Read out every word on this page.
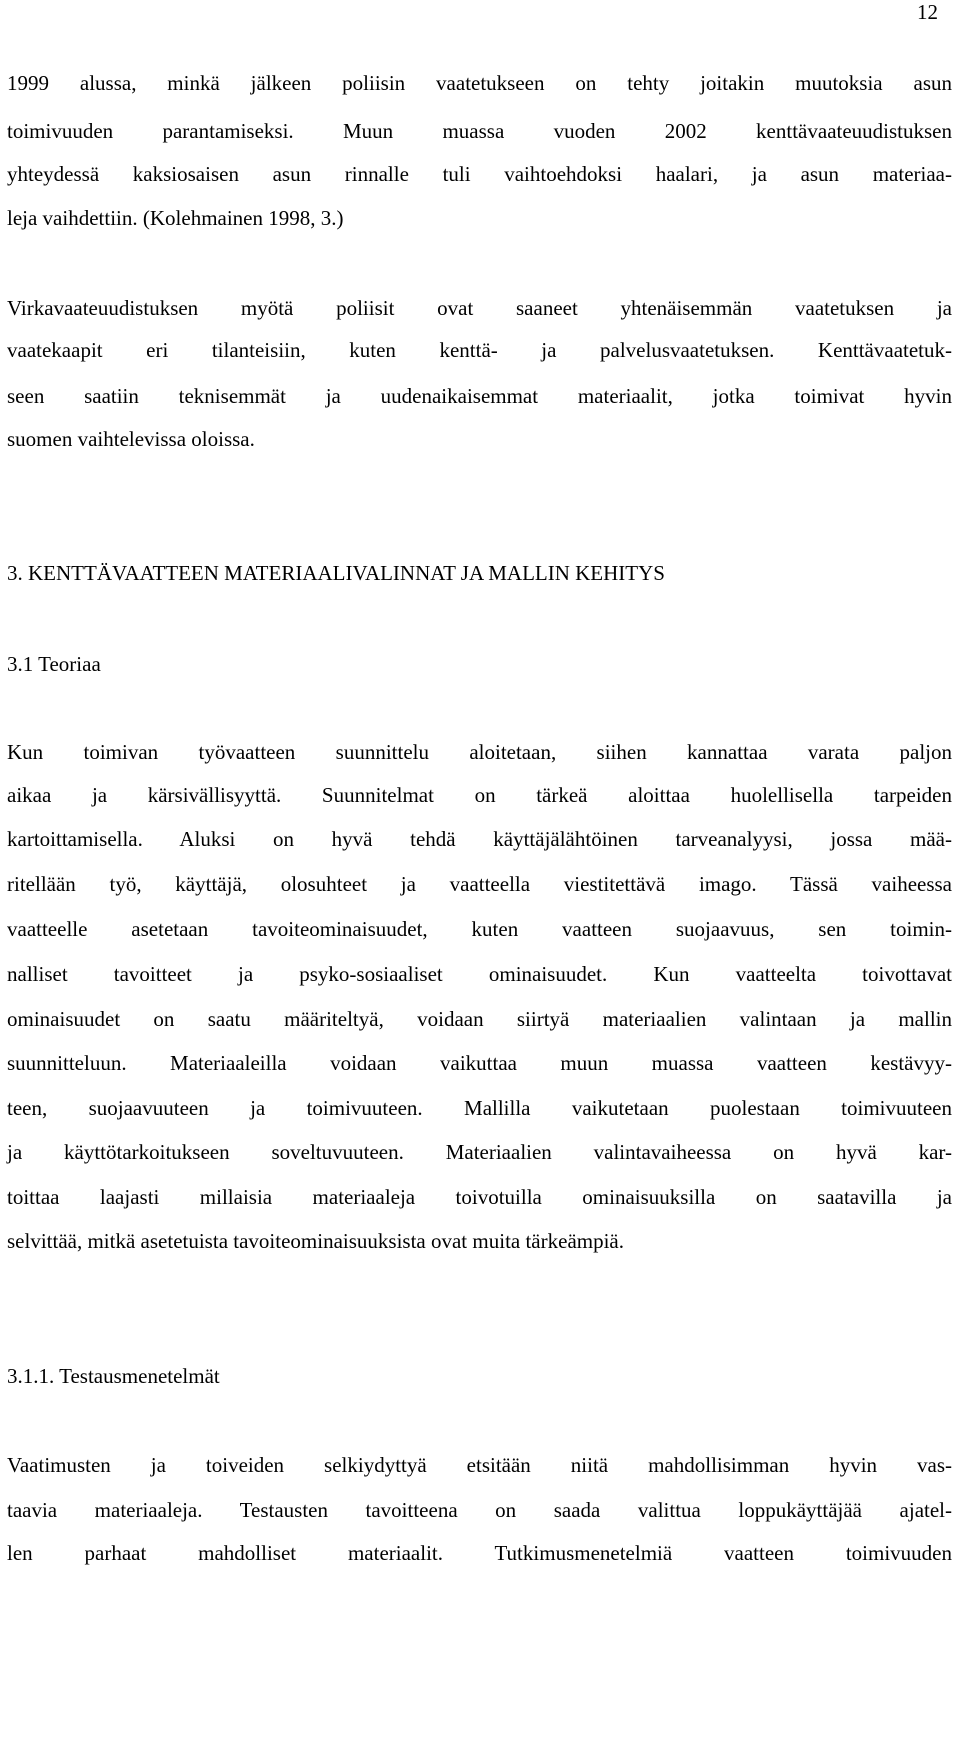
12
1999 alussa, minkä jälkeen poliisin vaatetukseen on tehty joitakin muutoksia asun
toimivuuden parantamiseksi. Muun muassa vuoden 2002 kenttävaateuudistuksen
yhteydessä kaksiosaisen asun rinnalle tuli vaihtoehdoksi haalari, ja asun materiaa-
leja vaihdettiin. (Kolehmainen 1998, 3.)
Virkavaateuudistuksen myötä poliisit ovat saaneet yhtenäisemmän vaatetuksen ja
vaatekaapit eri tilanteisiin, kuten kenttä- ja palvelusvaatetuksen. Kenttävaatetuk-
seen saatiin teknisemmät ja uudenaikaisemmat materiaalit, jotka toimivat hyvin
suomen vaihtelevissa oloissa.
3. KENTTÄVAATTEEN MATERIAALIVALINNAT JA MALLIN KEHITYS
3.1 Teoriaa
Kun toimivan työvaatteen suunnittelu aloitetaan, siihen kannattaa varata paljon
aikaa ja kärsivällisyyttä. Suunnitelmat on tärkeä aloittaa huolellisella tarpeiden
kartoittamisella. Aluksi on hyvä tehdä käyttäjälähtöinen tarveanalyysi, jossa mää-
ritellään työ, käyttäjä, olosuhteet ja vaatteella viestitettävä imago. Tässä vaiheessa
vaatteelle asetetaan tavoiteominaisuudet, kuten vaatteen suojaavuus, sen toimin-
nalliset tavoitteet ja psyko-sosiaaliset ominaisuudet. Kun vaatteelta toivottavat
ominaisuudet on saatu määriteltyä, voidaan siirtyä materiaalien valintaan ja mallin
suunnitteluun. Materiaaleilla voidaan vaikuttaa muun muassa vaatteen kestävyy-
teen, suojaavuuteen ja toimivuuteen. Mallilla vaikutetaan puolestaan toimivuuteen
ja käyttötarkoitukseen soveltuvuuteen. Materiaalien valintavaiheessa on hyvä kar-
toittaa laajasti millaisia materiaaleja toivotuilla ominaisuuksilla on saatavilla ja
selvittää, mitkä asetetuista tavoiteominaisuuksista ovat muita tärkeämpiä.
3.1.1. Testausmenetelmät
Vaatimusten ja toiveiden selkiydyttyä etsitään niitä mahdollisimman hyvin vas-
taavia materiaaleja. Testausten tavoitteena on saada valittua loppukäyttäjää ajatel-
len parhaat mahdolliset materiaalit. Tutkimusmenetelmiä vaatteen toimivuuden
